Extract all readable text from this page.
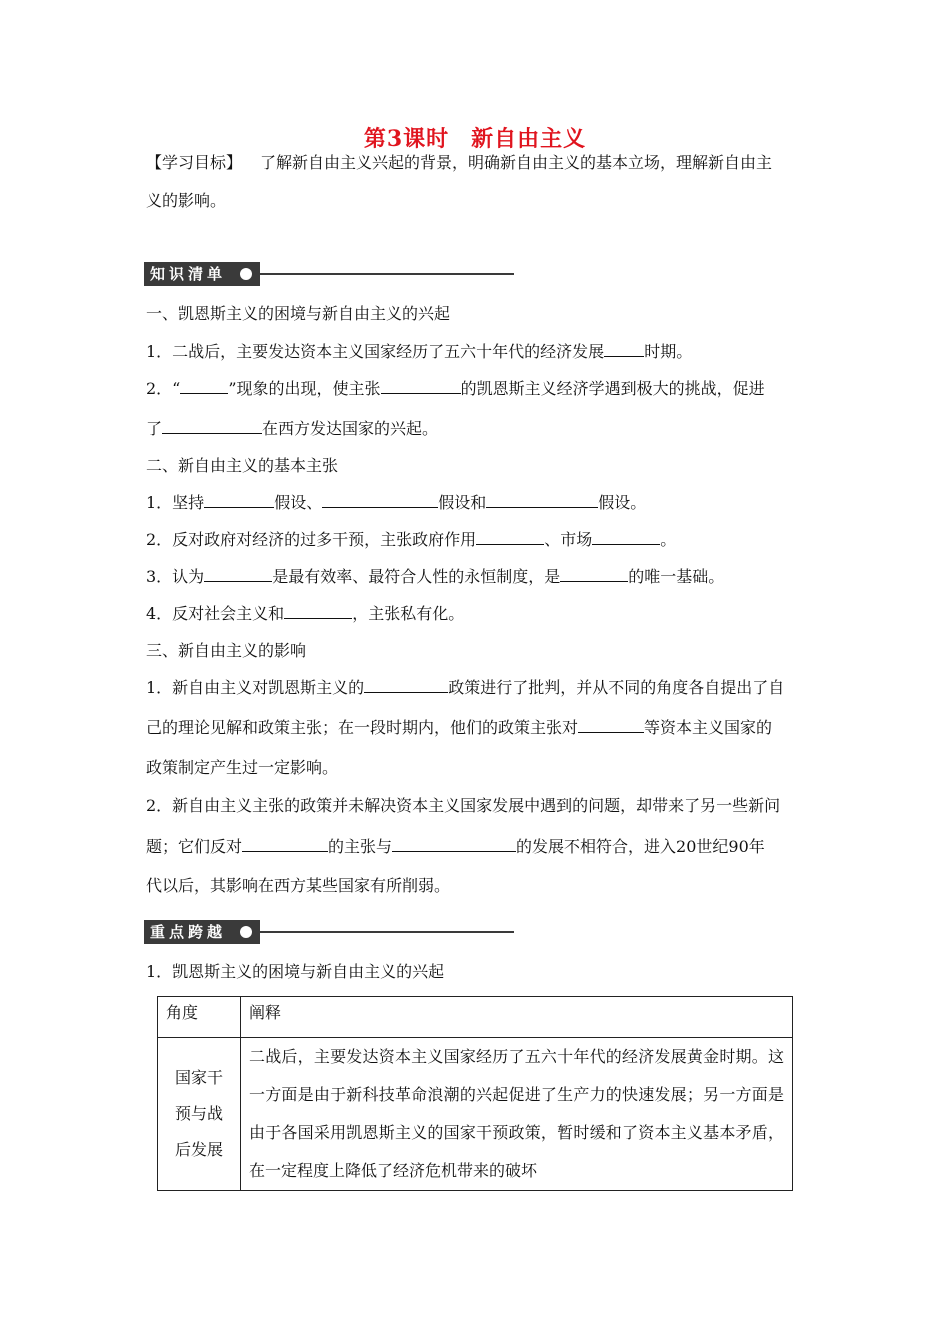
第3课时 新自由主义
【学习目标】 了解新自由主义兴起的背景，明确新自由主义的基本立场，理解新自由主
义的影响。
知识清单
一、凯恩斯主义的困境与新自由主义的兴起
1．二战后，主要发达资本主义国家经历了五六十年代的经济发展	时期。
2．“	”现象的出现，使主张	的凯恩斯主义经济学遇到极大的挑战，促进
了	在西方发达国家的兴起。
二、新自由主义的基本主张
1．坚持	假设、	假设和	假设。
2．反对政府对经济的过多干预，主张政府作用	、市场	。
3．认为	是最有效率、最符合人性的永恒制度，是	的唯一基础。
4．反对社会主义和	，主张私有化。
三、新自由主义的影响
1．新自由主义对凯恩斯主义的	政策进行了批判，并从不同的角度各自提出了自
己的理论见解和政策主张；在一段时期内，他们的政策主张对	等资本主义国家的
政策制定产生过一定影响。
2．新自由主义主张的政策并未解决资本主义国家发展中遇到的问题，却带来了另一些新问
题；它们反对	的主张与	的发展不相符合，进入20世纪90年
代以后，其影响在西方某些国家有所削弱。
重点跨越
1．凯恩斯主义的困境与新自由主义的兴起
角度	阐释

国家干
预与战
后发展	二战后，主要发达资本主义国家经历了五六十年代的经济发展黄金时期。这一方面是由于新科技革命浪潮的兴起促进了生产力的快速发展；另一方面是由于各国采用凯恩斯主义的国家干预政策，暂时缓和了资本主义基本矛盾，在一定程度上降低了经济危机带来的破坏
